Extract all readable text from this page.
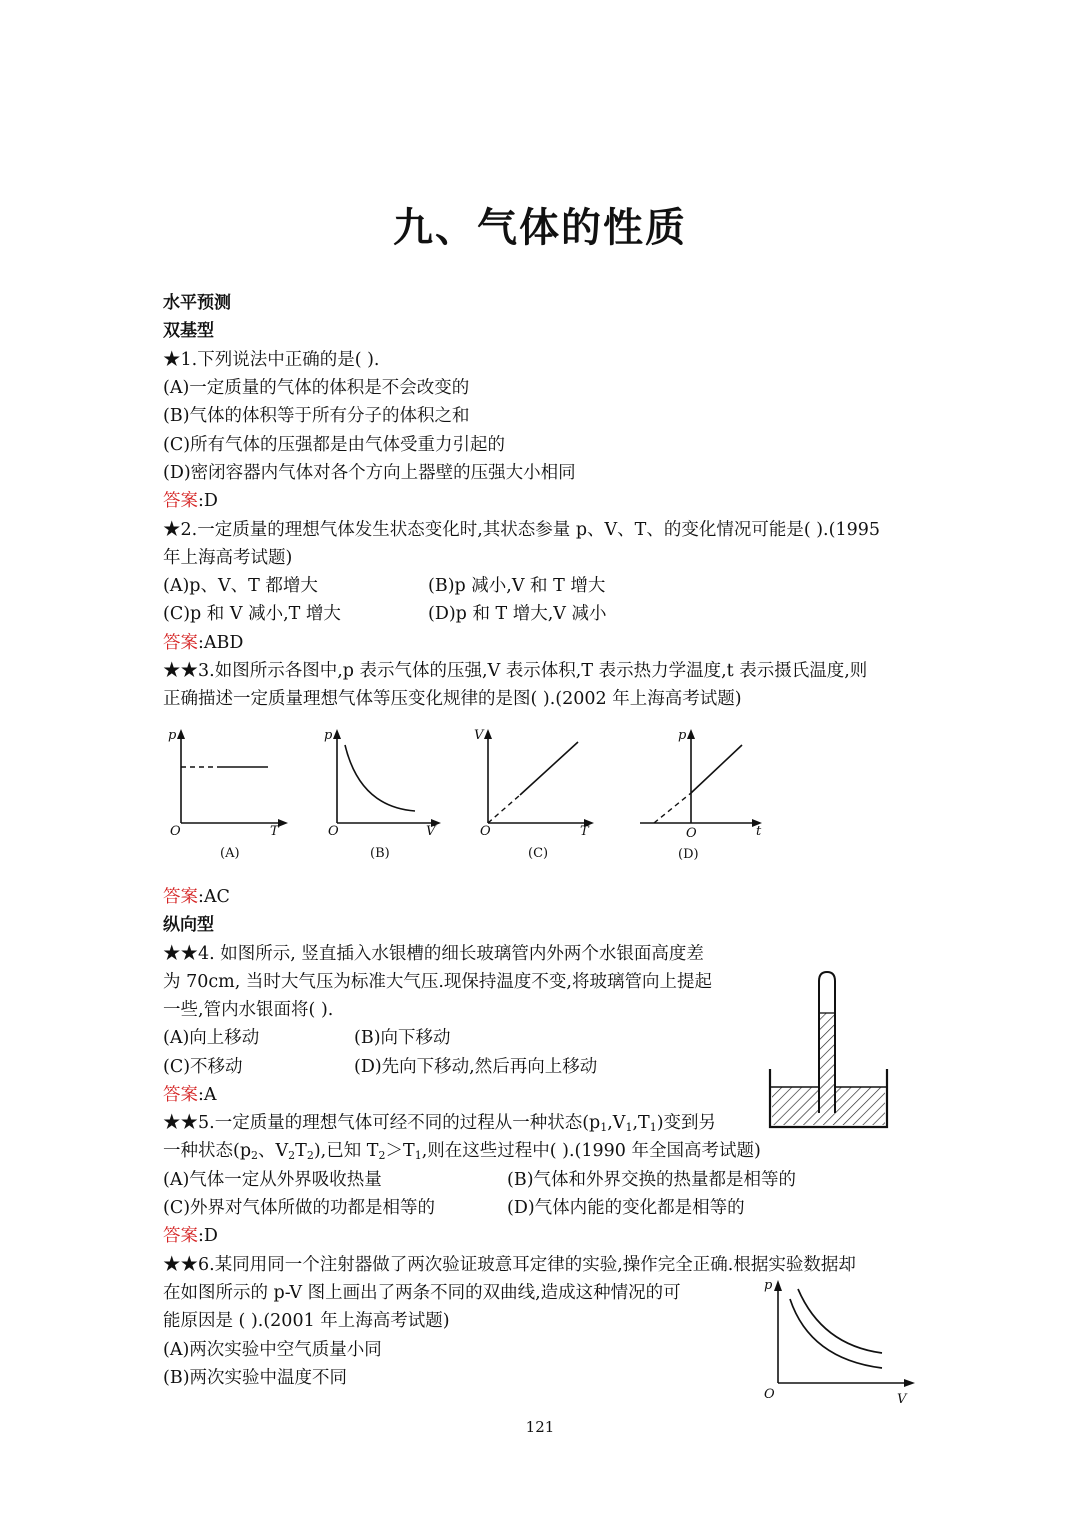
九、气体的性质
水平预测
双基型
★1.下列说法中正确的是( ).
(A)一定质量的气体的体积是不会改变的
(B)气体的体积等于所有分子的体积之和
(C)所有气体的压强都是由气体受重力引起的
(D)密闭容器内气体对各个方向上器壁的压强大小相同
答案:D
★2.一定质量的理想气体发生状态变化时,其状态参量 p、V、T、的变化情况可能是( ).(1995
年上海高考试题)
(A)p、V、T 都增大	(B)p 减小,V 和 T 增大
(C)p 和 V 减小,T 增大	(D)p 和 T 增大,V 减小
答案:ABD
★★3.如图所示各图中,p 表示气体的压强,V 表示体积,T 表示热力学温度,t 表示摄氏温度,则
正确描述一定质量理想气体等压变化规律的是图( ).(2002 年上海高考试题)
p
T
O
(A)
p
V
O
(B)
V
T
O
(C)
p
t
O
(D)
答案:AC
纵向型
★★4. 如图所示, 竖直插入水银槽的细长玻璃管内外两个水银面高度差
为 70cm, 当时大气压为标准大气压.现保持温度不变,将玻璃管向上提起
一些,管内水银面将( ).
(A)向上移动	(B)向下移动
(C)不移动	(D)先向下移动,然后再向上移动
答案:A
★★5.一定质量的理想气体可经不同的过程从一种状态$(p_1,V_1,T_1)$变到另
一种状态($p_2$、$V_2T_2$),已知 $T_2>T_1$,则在这些过程中( ).(1990 年全国高考试题)
(A)气体一定从外界吸收热量	(B)气体和外界交换的热量都是相等的
(C)外界对气体所做的功都是相等的	(D)气体内能的变化都是相等的
答案:D
★★6.某同用同一个注射器做了两次验证玻意耳定律的实验,操作完全正确.根据实验数据却
在如图所示的 p-V 图上画出了两条不同的双曲线,造成这种情况的可
能原因是 ( ).(2001 年上海高考试题)
(A)两次实验中空气质量小同
(B)两次实验中温度不同
p
V
O
121
